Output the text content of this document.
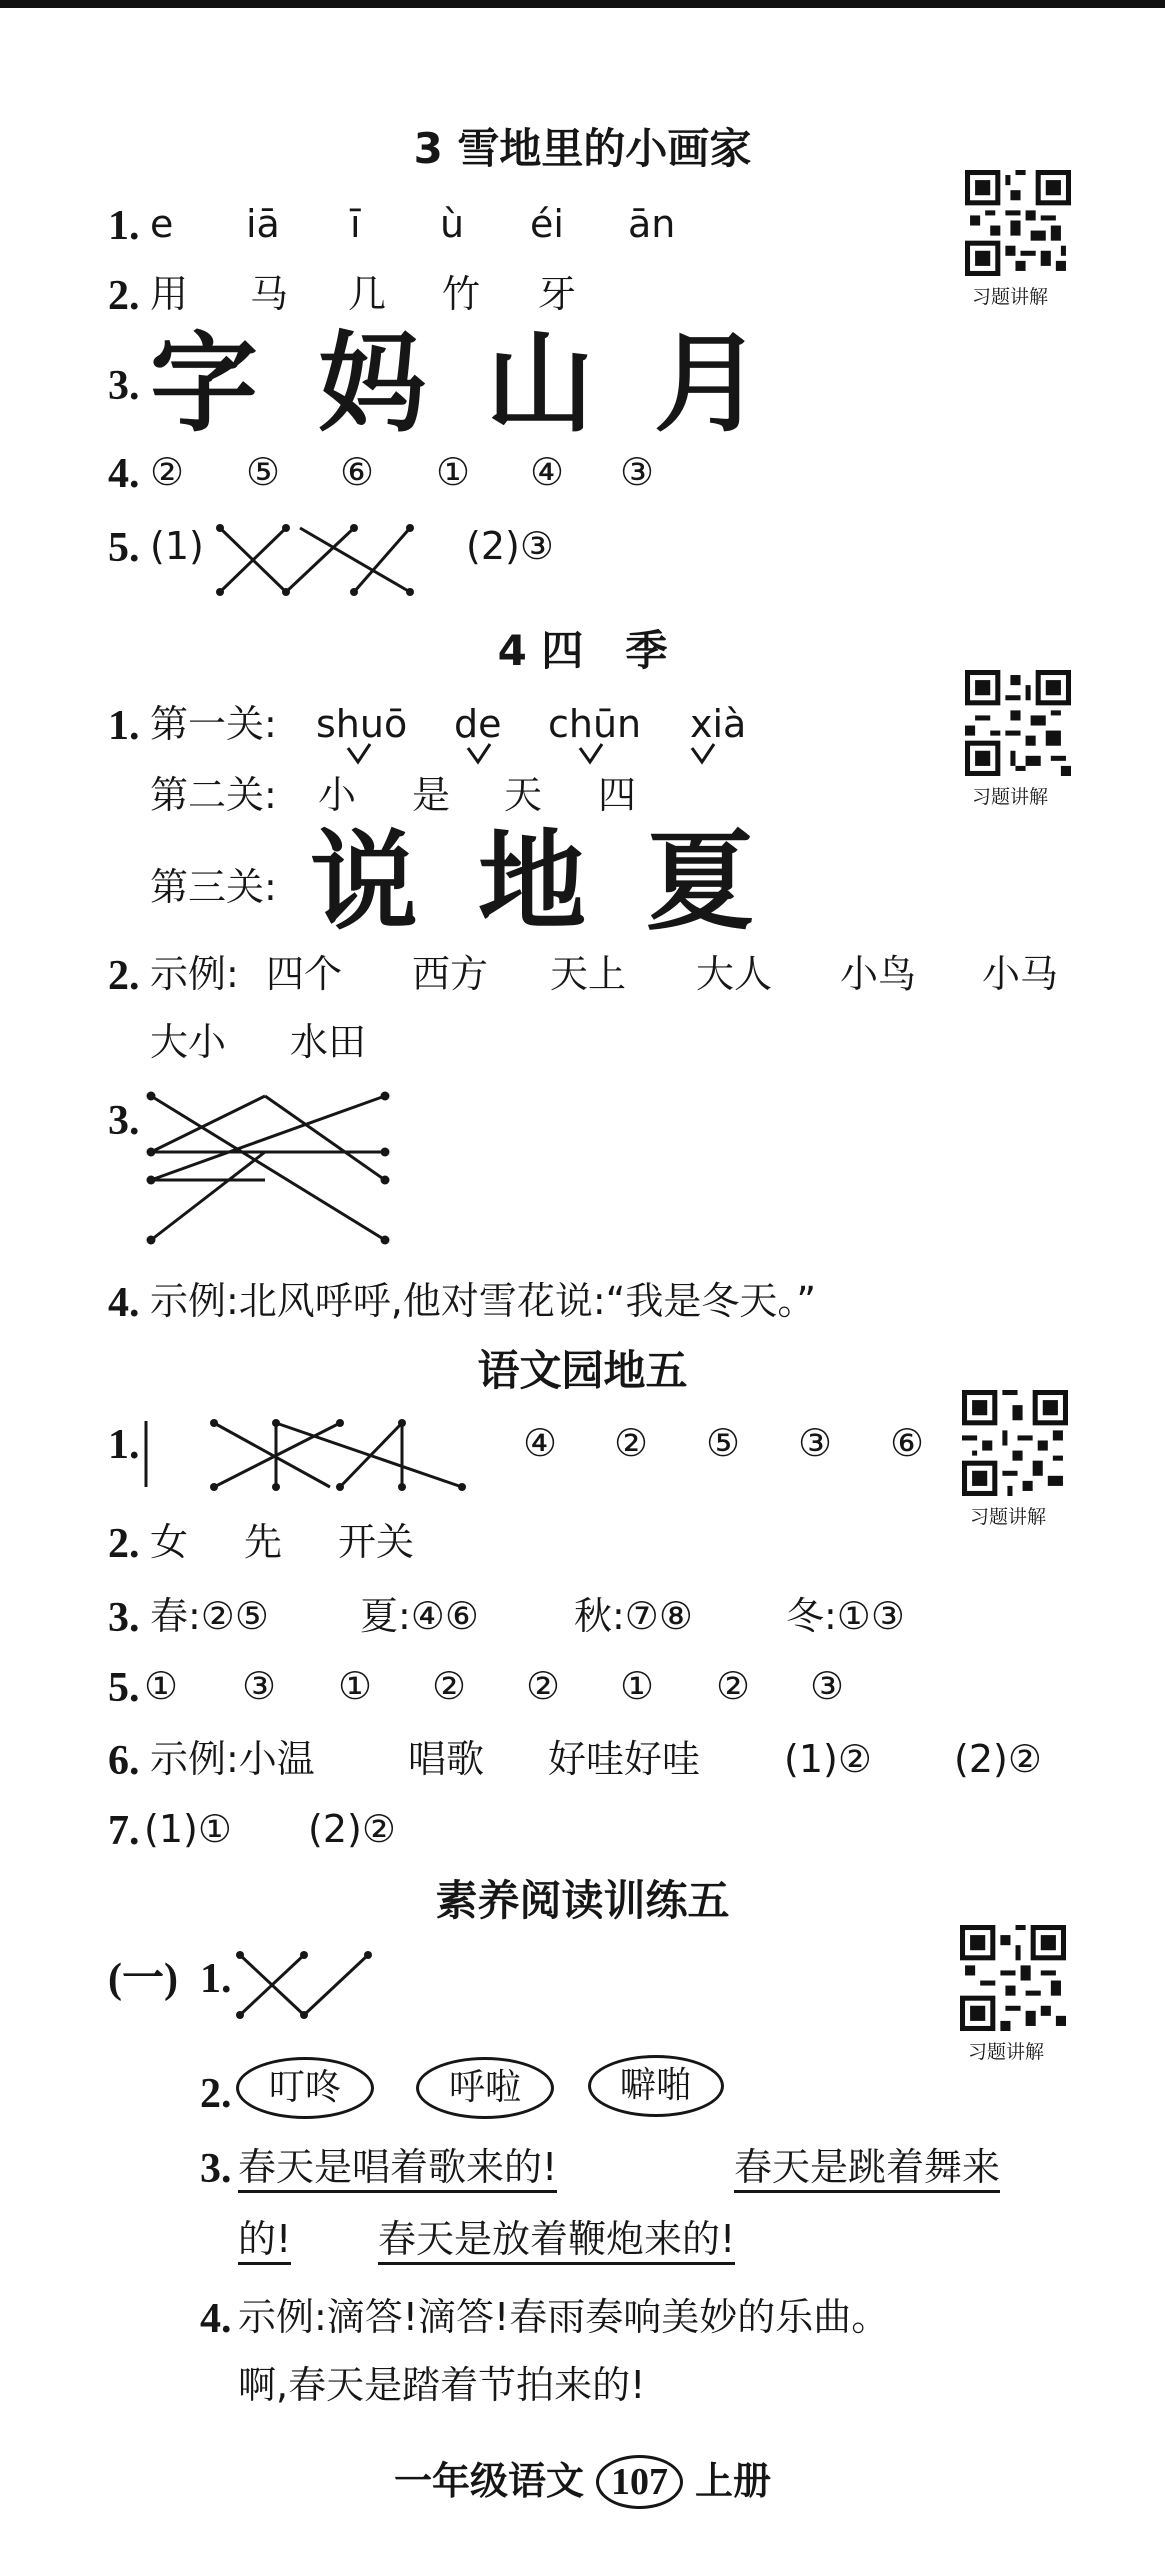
3 雪地里的小画家
习题讲解
1. e iā ī ù éi ān
2. 用 马 几 竹 牙
3. 字 妈 山 月
4. ② ⑤ ⑥ ① ④ ③
5. (1)	(2)③
4 四　季
习题讲解
1. 第一关: shuō de chūn xià
第二关: 小 是 天 四
第三关: 说 地 夏
2. 示例: 四个 西方 天上 大人 小鸟 小马
大小 水田
3.
4. 示例:北风呼呼,他对雪花说:“我是冬天。”
语文园地五
习题讲解
1.	④ ② ⑤ ③ ⑥
2. 女 先 开关
3. 春:②⑤ 夏:④⑥	秋:⑦⑧ 冬:①③
5. ① ③ ① ② ② ① ② ③
6. 示例:小温 唱歌 好哇好哇 (1)② (2)②
7. (1)① (2)②
素养阅读训练五
习题讲解
(一) 1.
2.	叮咚	呼啦	噼啪
3. 春天是唱着歌来的!	春天是跳着舞来
的! 春天是放着鞭炮来的!
4. 示例:滴答!滴答!春雨奏响美妙的乐曲。
啊,春天是踏着节拍来的!
一年级语文 107 上册
